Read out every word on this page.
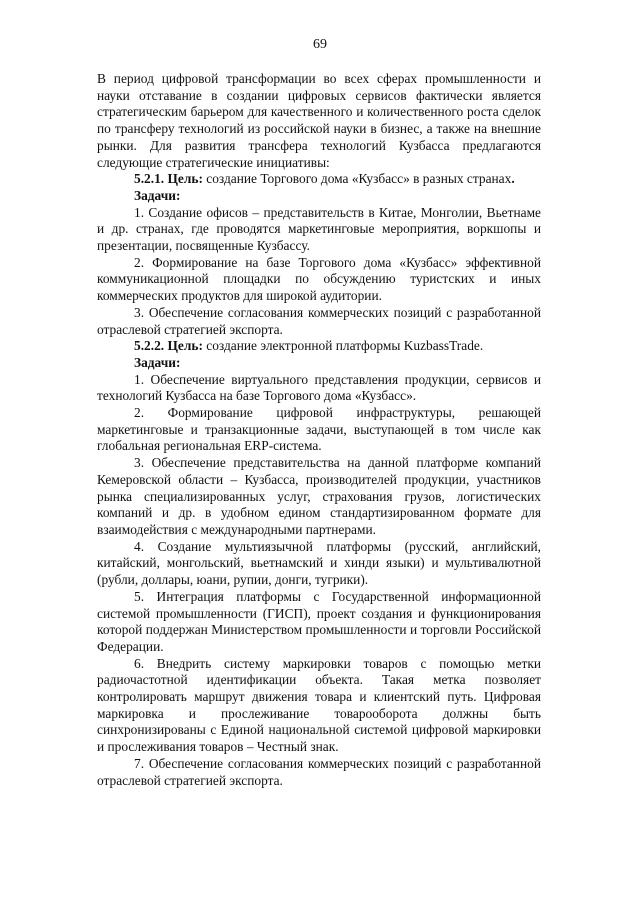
69

В период цифровой трансформации во всех сферах промышленности и науки отставание в создании цифровых сервисов фактически является стратегическим барьером для качественного и количественного роста сделок по трансферу технологий из российской науки в бизнес, а также на внешние рынки. Для развития трансфера технологий Кузбасса предлагаются следующие стратегические инициативы:

5.2.1. Цель: создание Торгового дома «Кузбасс» в разных странах.

Задачи:

1. Создание офисов – представительств в Китае, Монголии, Вьетнаме и др. странах, где проводятся маркетинговые мероприятия, воркшопы и презентации, посвященные Кузбассу.

2. Формирование на базе Торгового дома «Кузбасс» эффективной коммуникационной площадки по обсуждению туристских и иных коммерческих продуктов для широкой аудитории.

3. Обеспечение согласования коммерческих позиций с разработанной отраслевой стратегией экспорта.

5.2.2. Цель: создание электронной платформы KuzbassTrade.

Задачи:

1. Обеспечение виртуального представления продукции, сервисов и технологий Кузбасса на базе Торгового дома «Кузбасс».

2. Формирование цифровой инфраструктуры, решающей маркетинговые и транзакционные задачи, выступающей в том числе как глобальная региональная ERP-система.

3. Обеспечение представительства на данной платформе компаний Кемеровской области – Кузбасса, производителей продукции, участников рынка специализированных услуг, страхования грузов, логистических компаний и др. в удобном едином стандартизированном формате для взаимодействия с международными партнерами.

4. Создание мультиязычной платформы (русский, английский, китайский, монгольский, вьетнамский и хинди языки) и мультивалютной (рубли, доллары, юани, рупии, донги, тугрики).

5. Интеграция платформы с Государственной информационной системой промышленности (ГИСП), проект создания и функционирования которой поддержан Министерством промышленности и торговли Российской Федерации.

6. Внедрить систему маркировки товаров с помощью метки радиочастотной идентификации объекта. Такая метка позволяет контролировать маршрут движения товара и клиентский путь. Цифровая маркировка и прослеживание товарооборота должны быть синхронизированы с Единой национальной системой цифровой маркировки и прослеживания товаров – Честный знак.

7. Обеспечение согласования коммерческих позиций с разработанной отраслевой стратегией экспорта.
